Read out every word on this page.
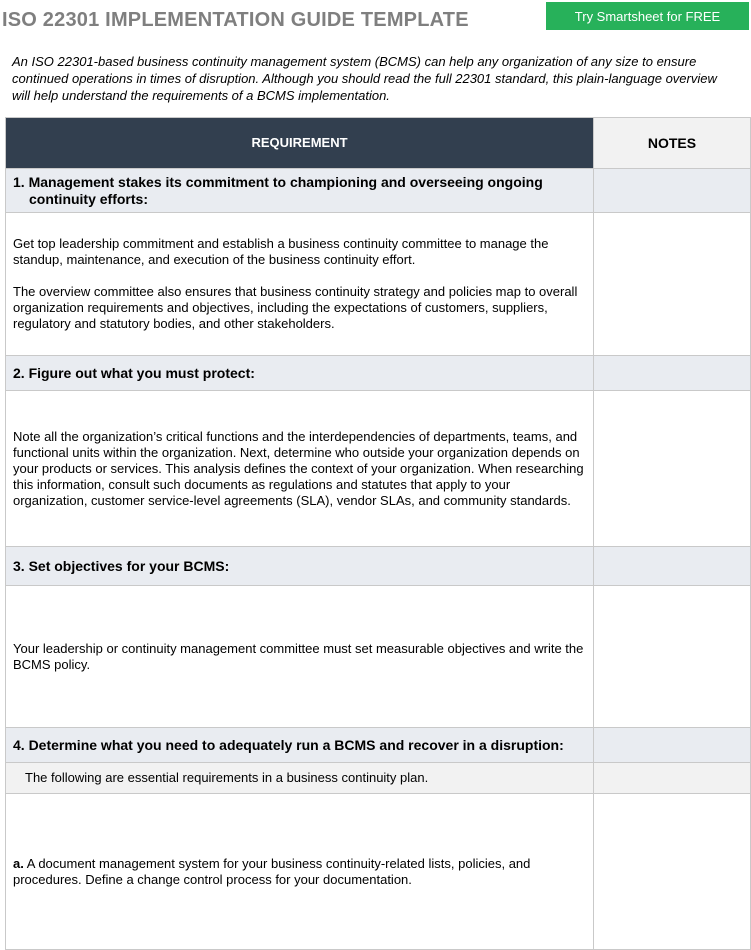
ISO 22301 IMPLEMENTATION GUIDE TEMPLATE	Try Smartsheet for FREE
An ISO 22301-based business continuity management system (BCMS) can help any organization of any size to ensure continued operations in times of disruption. Although you should read the full 22301 standard, this plain-language overview will help understand the requirements of a BCMS implementation.
REQUIREMENT	NOTES

1. Management stakes its commitment to championing and overseeing ongoing continuity efforts:	

Get top leadership commitment and establish a business continuity committee to manage the standup, maintenance, and execution of the business continuity effort.

The overview committee also ensures that business continuity strategy and policies map to overall organization requirements and objectives, including the expectations of customers, suppliers, regulatory and statutory bodies, and other stakeholders.	

2. Figure out what you must protect:	

Note all the organization’s critical functions and the interdependencies of departments, teams, and functional units within the organization. Next, determine who outside your organization depends on your products or services. This analysis defines the context of your organization. When researching this information, consult such documents as regulations and statutes that apply to your organization, customer service-level agreements (SLA), vendor SLAs, and community standards.	

3. Set objectives for your BCMS:	

Your leadership or continuity management committee must set measurable objectives and write the BCMS policy.	

4. Determine what you need to adequately run a BCMS and recover in a disruption:	

The following are essential requirements in a business continuity plan.	

a. A document management system for your business continuity-related lists, policies, and procedures. Define a change control process for your documentation.	
